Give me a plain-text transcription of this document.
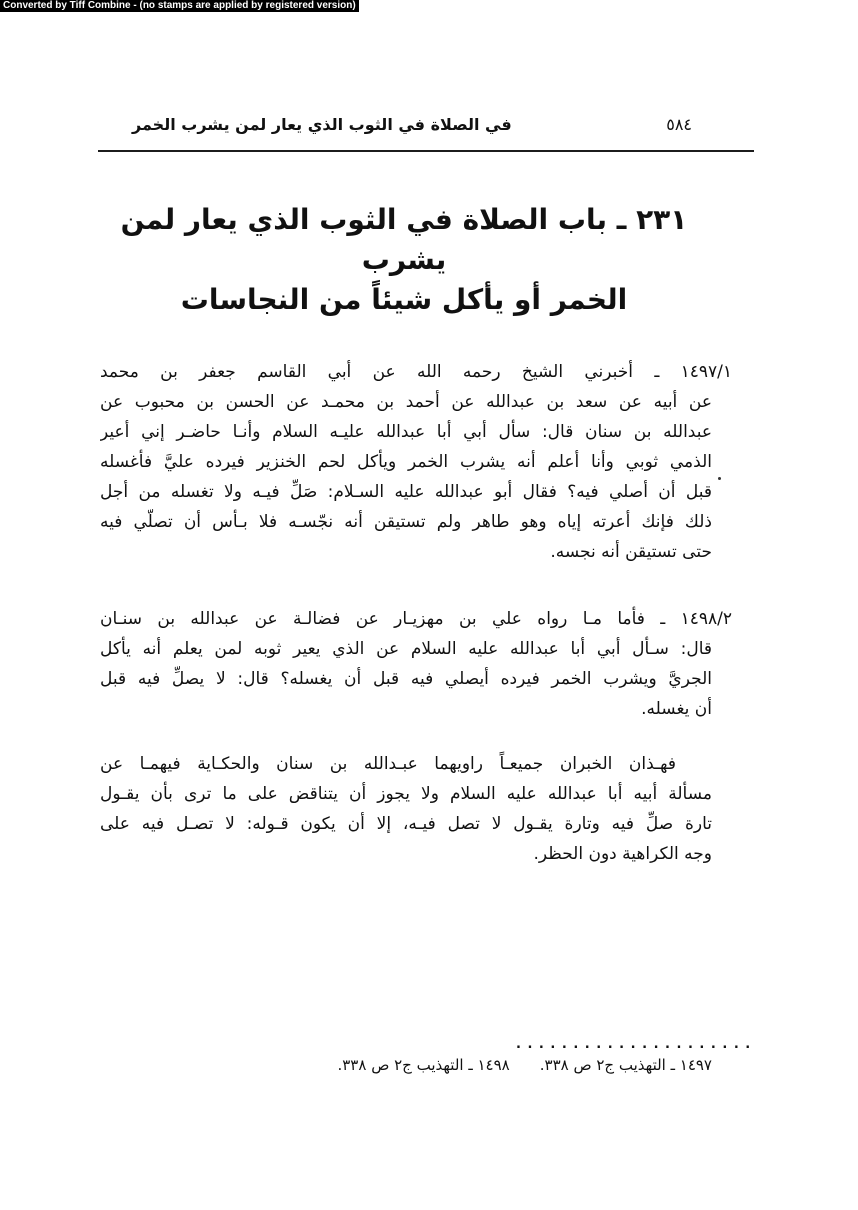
Converted by Tiff Combine - (no stamps are applied by registered version)
في الصلاة في الثوب الذي يعار لمن يشرب الخمر	٥٨٤
٢٣١ ـ باب الصلاة في الثوب الذي يعار لمن يشرب
الخمر أو يأكل شيئاً من النجاسات
١٤٩٧/١ ـ أخبرني الشيخ رحمه الله عن أبي القاسم جعفر بن محمد
عن أبيه عن سعد بن عبدالله عن أحمد بن محمـد عن الحسن بن محبوب عن
عبدالله بن سنان قال: سأل أبي أبا عبدالله عليـه السلام وأنـا حاضـر إني أعير
الذمي ثوبي وأنا أعلم أنه يشرب الخمر ويأكل لحم الخنزير فيرده عليَّ فأغسله
قبل أن أصلي فيه؟ فقال أبو عبدالله عليه السـلام: صَلِّ فيـه ولا تغسله من أجل
ذلك فإنك أعرته إياه وهو طاهر ولم تستيقن أنه نجّسـه فلا بـأس أن تصلّي فيه
حتى تستيقن أنه نجسه.
١٤٩٨/٢ ـ فأما مـا رواه علي بن مهزيـار عن فضالـة عن عبدالله بن سنـان
قال: سـأل أبي أبا عبدالله عليه السلام عن الذي يعير ثوبه لمن يعلم أنه يأكل
الجريَّ ويشرب الخمر فيرده أيصلي فيه قبل أن يغسله؟ قال: لا يصلِّ فيه قبل
أن يغسله.
فهـذان الخبران جميعـاً راويهما عبـدالله بن سنان والحكـاية فيهمـا عن
مسألة أبيه أبا عبدالله عليه السلام ولا يجوز أن يتناقض على ما ترى بأن يقـول
تارة صلِّ فيه وتارة يقـول لا تصل فيـه، إلا أن يكون قـوله: لا تصـل فيه على
وجه الكراهية دون الحظر.
. . . . . . . . . . . . . . . . . . . . .
١٤٩٧ ـ التهذيب ج٢ ص ٣٣٨.١٤٩٨ ـ التهذيب ج٢ ص ٣٣٨.
